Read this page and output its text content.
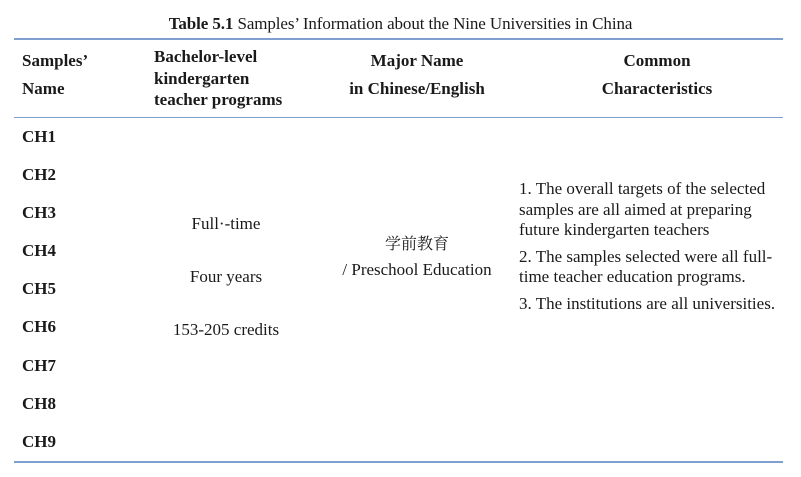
Table 5.1 Samples’ Information about the Nine Universities in China
Samples’
Name
Bachelor-level
kindergarten
teacher programs
Major Name
in Chinese/English
Common
Characteristics
CH1
CH2
CH3
CH4
CH5
CH6
CH7
CH8
CH9
Full·-time
Four years
153-205 credits
学前教育
/ Preschool Education
1. The overall targets of the selected samples are all aimed at preparing future kindergarten teachers
2. The samples selected were all full-time teacher education programs.
3. The institutions are all universities.
